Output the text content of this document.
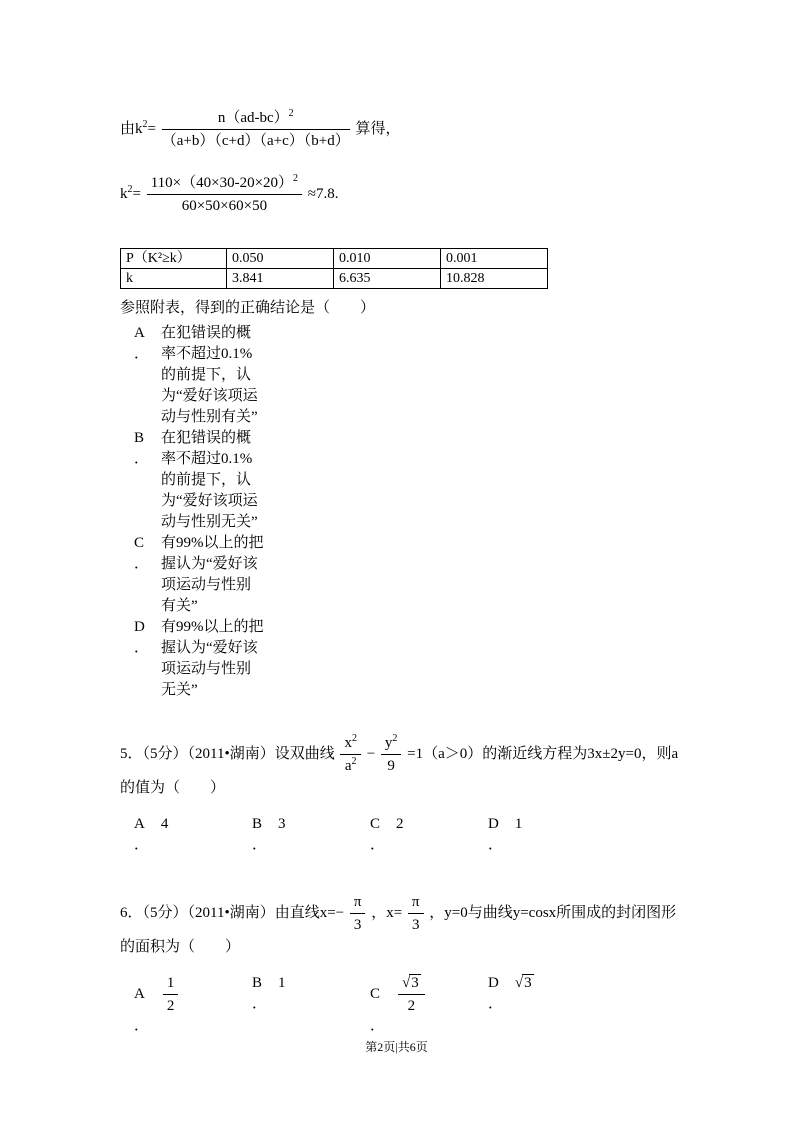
由$k^2= \frac{n(ad-bc)^2}{(a+b)(c+d)(a+c)(b+d)}$ 算得，
$k^2= \frac{110\times(40\times 30-20\times 20)^2}{60\times 50\times 60\times 50} \approx 7.8$.
P（K²≥k）	0.050	0.010	0.001
k	3.841	6.635	10.828
参照附表，得到的正确结论是（　　）
A
．
在犯错误的概率不超过0.1%的前提下，认为“爱好该项运动与性别有关”
B
．
在犯错误的概率不超过0.1%的前提下，认为“爱好该项运动与性别无关”
C
．
有99%以上的把握认为“爱好该项运动与性别有关”
D
．
有99%以上的把握认为“爱好该项运动与性别无关”
5．（5分）（2011•湖南）设双曲线 $\frac{x^2}{a^2} - \frac{y^2}{9} =1(a>0)$的渐近线方程为3x±2y=0，则a的值为（　　）
A 4
．
B 3
．
C 2
．
D 1
．
6．（5分）（2011•湖南）由直线$x=- \frac{\pi}{3}$ ，$x= \frac{\pi}{3}$ ，y=0与曲线y=cosx所围成的封闭图形的面积为（　　）
A $\frac{1}{2}$
．
B 1
．
C $\frac{√ 3}{2}$
．
D √ 3
．
第2页|共6页
